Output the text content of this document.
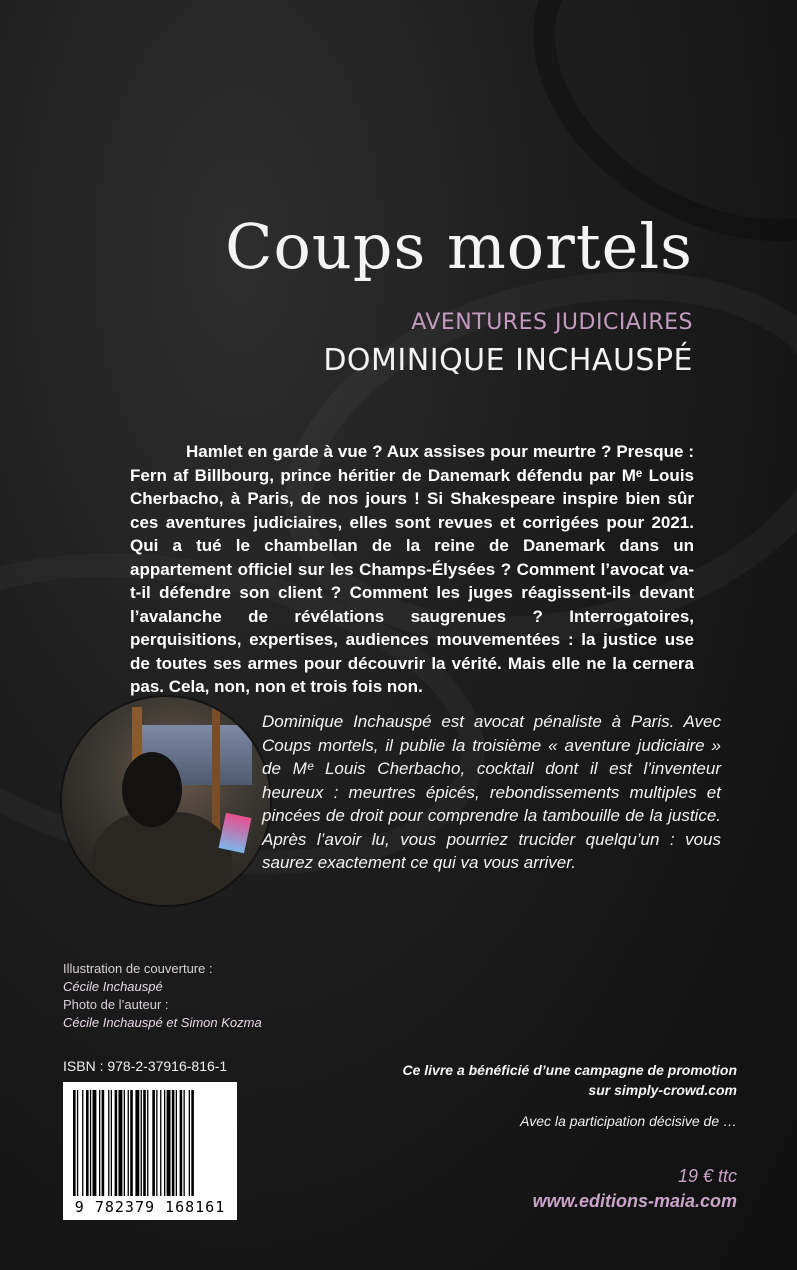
Coups mortels
AVENTURES JUDICIAIRES
DOMINIQUE INCHAUSPÉ

Hamlet en garde à vue ? Aux assises pour meurtre ? Presque : Fern af Billbourg, prince héritier de Danemark défendu par Mᵉ Louis Cherbacho, à Paris, de nos jours ! Si Shakespeare inspire bien sûr ces aventures judiciaires, elles sont revues et corrigées pour 2021. Qui a tué le chambellan de la reine de Danemark dans un appartement officiel sur les Champs-Élysées ? Comment l’avocat va-t-il défendre son client ? Comment les juges réagissent-ils devant l’avalanche de révélations saugrenues ? Interrogatoires, perquisitions, expertises, audiences mouvementées : la justice use de toutes ses armes pour découvrir la vérité. Mais elle ne la cernera pas. Cela, non, non et trois fois non.

Dominique Inchauspé est avocat pénaliste à Paris. Avec Coups mortels, il publie la troisième « aventure judiciaire » de Mᵉ Louis Cherbacho, cocktail dont il est l’inventeur heureux : meurtres épicés, rebondissements multiples et pincées de droit pour comprendre la tambouille de la justice. Après l’avoir lu, vous pourriez trucider quelqu’un : vous saurez exactement ce qui va vous arriver.

Illustration de couverture :
Cécile Inchauspé
Photo de l’auteur :
Cécile Inchauspé et Simon Kozma
ISBN : 978-2-37916-816-1
9 782379 168161
Ce livre a bénéficié d’une campagne de promotion
sur simply-crowd.com
Avec la participation décisive de …
19 € ttc
www.editions-maia.com
